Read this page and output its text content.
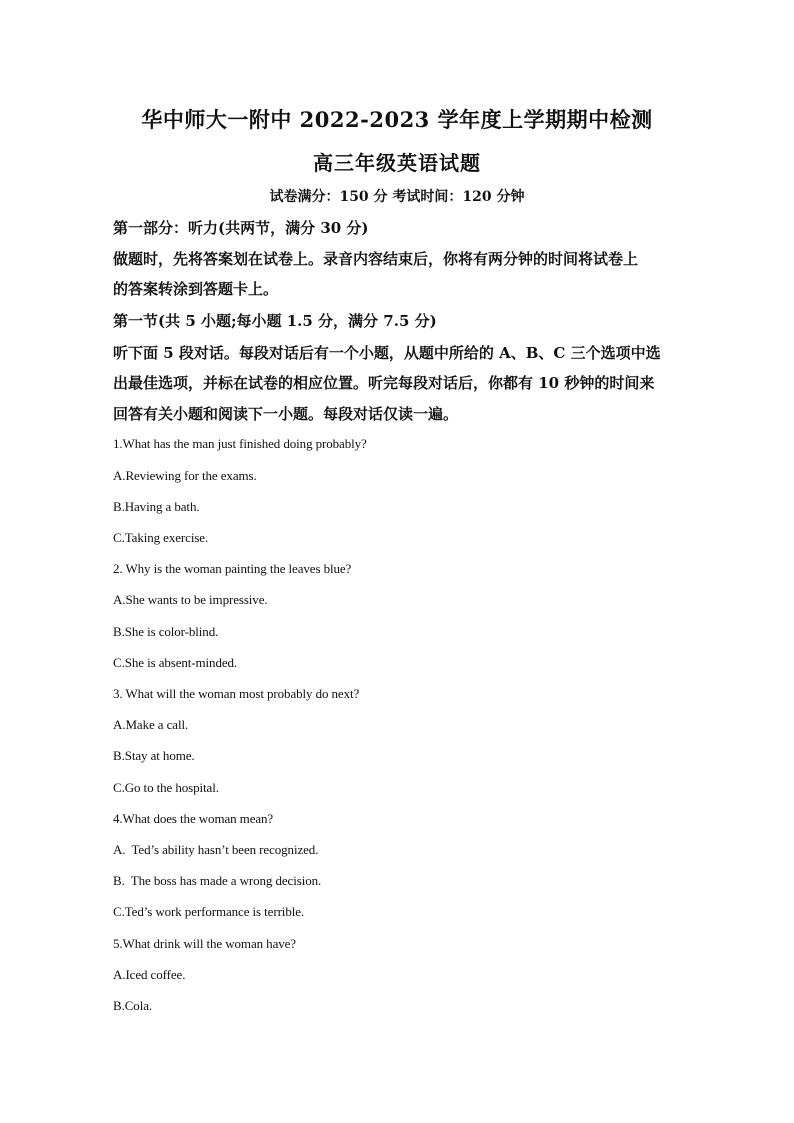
华中师大一附中 2022-2023 学年度上学期期中检测
高三年级英语试题
试卷满分：150 分 考试时间：120 分钟
第一部分：听力(共两节，满分 30 分)
做题时，先将答案划在试卷上。录音内容结束后，你将有两分钟的时间将试卷上
的答案转涂到答题卡上。
第一节(共 5 小题;每小题 1.5 分，满分 7.5 分)
听下面 5 段对话。每段对话后有一个小题，从题中所给的 A、B、C 三个选项中选
出最佳选项，并标在试卷的相应位置。听完每段对话后，你都有 10 秒钟的时间来
回答有关小题和阅读下一小题。每段对话仅读一遍。
1.What has the man just finished doing probably?
A.Reviewing for the exams.
B.Having a bath.
C.Taking exercise.
2. Why is the woman painting the leaves blue?
A.She wants to be impressive.
B.She is color-blind.
C.She is absent-minded.
3. What will the woman most probably do next?
A.Make a call.
B.Stay at home.
C.Go to the hospital.
4.What does the woman mean?
A.  Ted’s ability hasn’t been recognized.
B.  The boss has made a wrong decision.
C.Ted’s work performance is terrible.
5.What drink will the woman have?
A.Iced coffee.
B.Cola.
